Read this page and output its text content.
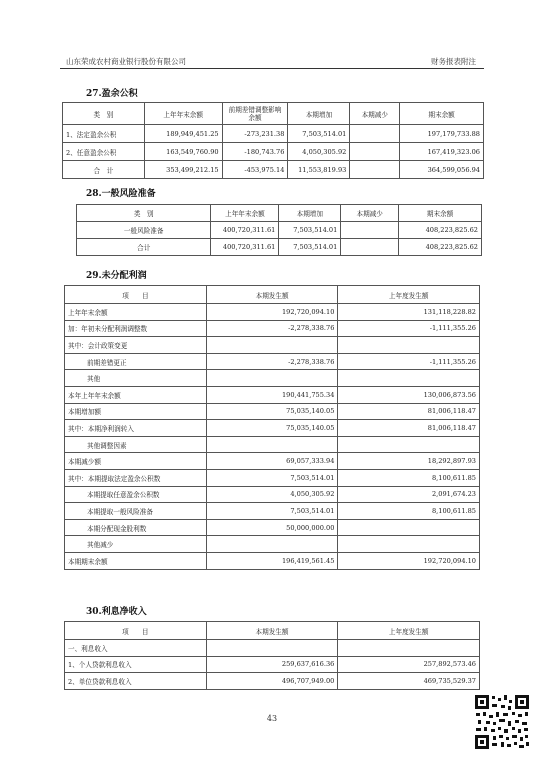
山东荣成农村商业银行股份有限公司	财务报表附注
27.盈余公积
类　别	上年年末余额	前期差错调整影响余额	本期增加	本期减少	期末余额
1、法定盈余公积	189,949,451.25	-273,231.38	7,503,514.01		197,179,733.88
2、任意盈余公积	163,549,760.90	-180,743.76	4,050,305.92		167,419,323.06
合　计	353,499,212.15	-453,975.14	11,553,819.93		364,599,056.94
28.一般风险准备
类　别	上年年末余额	本期增加	本期减少	期末余额
一般风险准备	400,720,311.61	7,503,514.01		408,223,825.62
合计	400,720,311.61	7,503,514.01		408,223,825.62
29.未分配利润
项　　目	本期发生额	上年度发生额
上年年末余额	192,720,094.10	131,118,228.82
加：年初未分配利润调整数	-2,278,338.76	-1,111,355.26
其中：会计政策变更		
前期差错更正	-2,278,338.76	-1,111,355.26
其他		
本年上年年末余额	190,441,755.34	130,006,873.56
本期增加额	75,035,140.05	81,006,118.47
其中：本期净利润转入	75,035,140.05	81,006,118.47
其他调整因素		
本期减少额	69,057,333.94	18,292,897.93
其中：本期提取法定盈余公积数	7,503,514.01	8,100,611.85
本期提取任意盈余公积数	4,050,305.92	2,091,674.23
本期提取一般风险准备	7,503,514.01	8,100,611.85
本期分配现金股利数	50,000,000.00	
其他减少		
本期期末余额	196,419,561.45	192,720,094.10
30.利息净收入
项　　目	本期发生额	上年度发生额
一、利息收入		
1、个人贷款利息收入	259,637,616.36	257,892,573.46
2、单位贷款利息收入	496,707,949.00	469,735,529.37
43
